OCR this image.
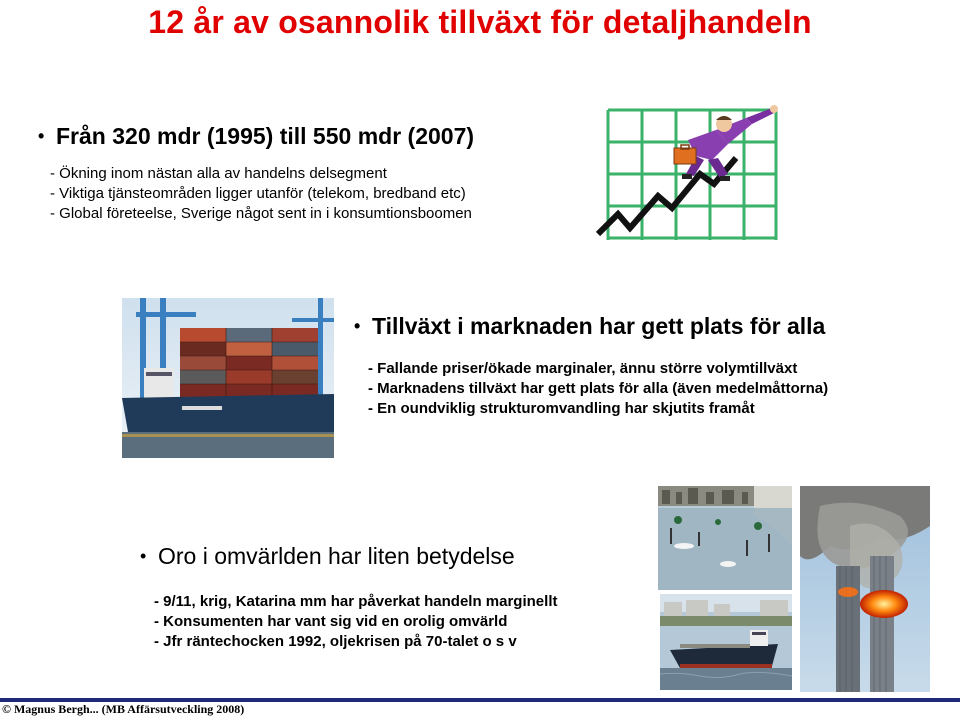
12 år av osannolik tillväxt för detaljhandeln
• Från 320 mdr (1995) till 550 mdr (2007)
- Ökning inom nästan alla av handelns delsegment
- Viktiga tjänsteområden ligger utanför (telekom, bredband etc)
- Global företeelse, Sverige något sent in i konsumtionsboomen
• Tillväxt i marknaden har gett plats för alla
- Fallande priser/ökade marginaler, ännu större volymtillväxt
- Marknadens tillväxt har gett plats för alla (även medelmåttorna)
- En oundviklig strukturomvandling har skjutits framåt
• Oro i omvärlden har liten betydelse
- 9/11, krig, Katarina mm har påverkat handeln marginellt
- Konsumenten har vant sig vid en orolig omvärld
- Jfr räntechocken 1992, oljekrisen på 70-talet o s v
© Magnus Bergh... (MB Affärsutveckling 2008)
